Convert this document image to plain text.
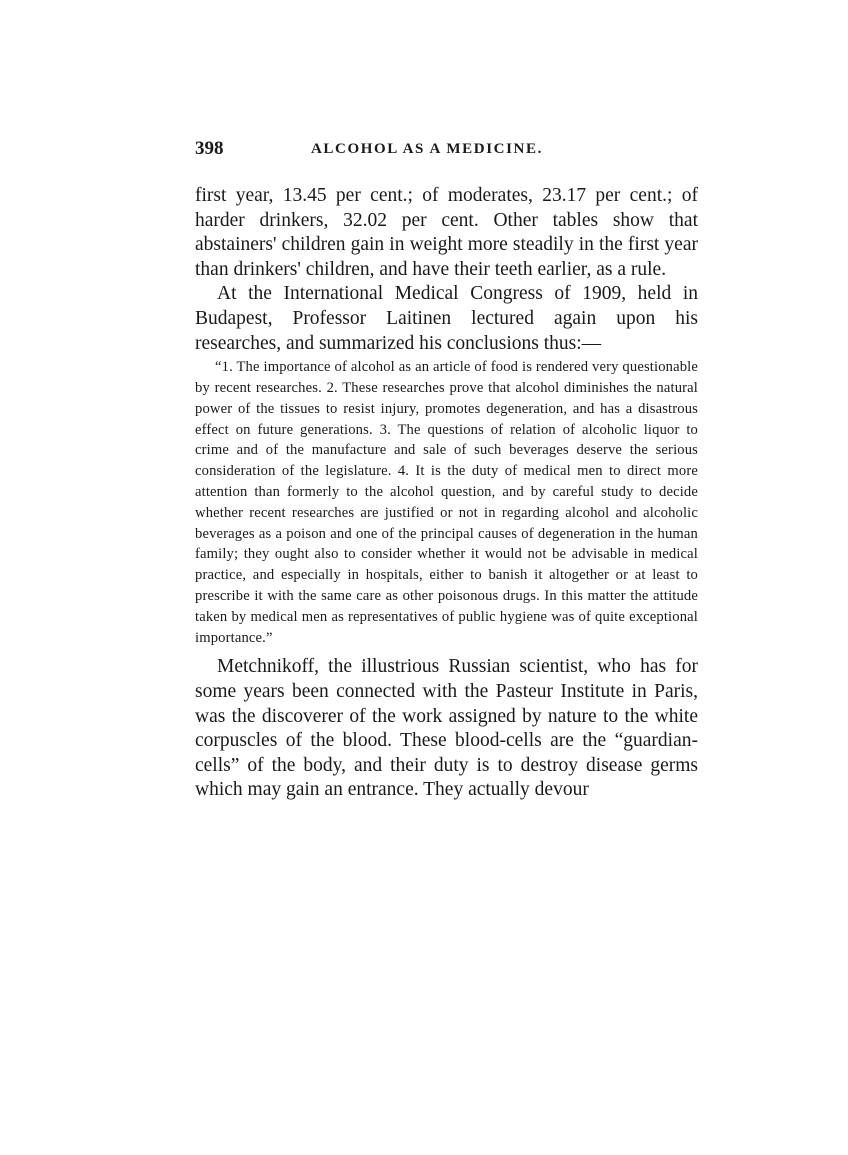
398	ALCOHOL AS A MEDICINE.

first year, 13.45 per cent.; of moderates, 23.17 per cent.; of harder drinkers, 32.02 per cent. Other tables show that abstainers' children gain in weight more steadily in the first year than drinkers' children, and have their teeth earlier, as a rule.

At the International Medical Congress of 1909, held in Budapest, Professor Laitinen lectured again upon his researches, and summarized his conclusions thus:—

“1. The importance of alcohol as an article of food is rendered very questionable by recent researches. 2. These researches prove that alcohol diminishes the natural power of the tissues to resist injury, promotes degeneration, and has a disastrous effect on future generations. 3. The questions of relation of alcoholic liquor to crime and of the manufacture and sale of such beverages deserve the serious consideration of the legislature. 4. It is the duty of medical men to direct more attention than formerly to the alcohol question, and by careful study to decide whether recent researches are justified or not in regarding alcohol and alcoholic beverages as a poison and one of the principal causes of degeneration in the human family; they ought also to consider whether it would not be advisable in medical practice, and especially in hospitals, either to banish it altogether or at least to prescribe it with the same care as other poisonous drugs. In this matter the attitude taken by medical men as representatives of public hygiene was of quite exceptional importance.”

Metchnikoff, the illustrious Russian scientist, who has for some years been connected with the Pasteur Institute in Paris, was the discoverer of the work assigned by nature to the white corpuscles of the blood. These blood-cells are the “guardian-cells” of the body, and their duty is to destroy disease germs which may gain an entrance. They actually devour
